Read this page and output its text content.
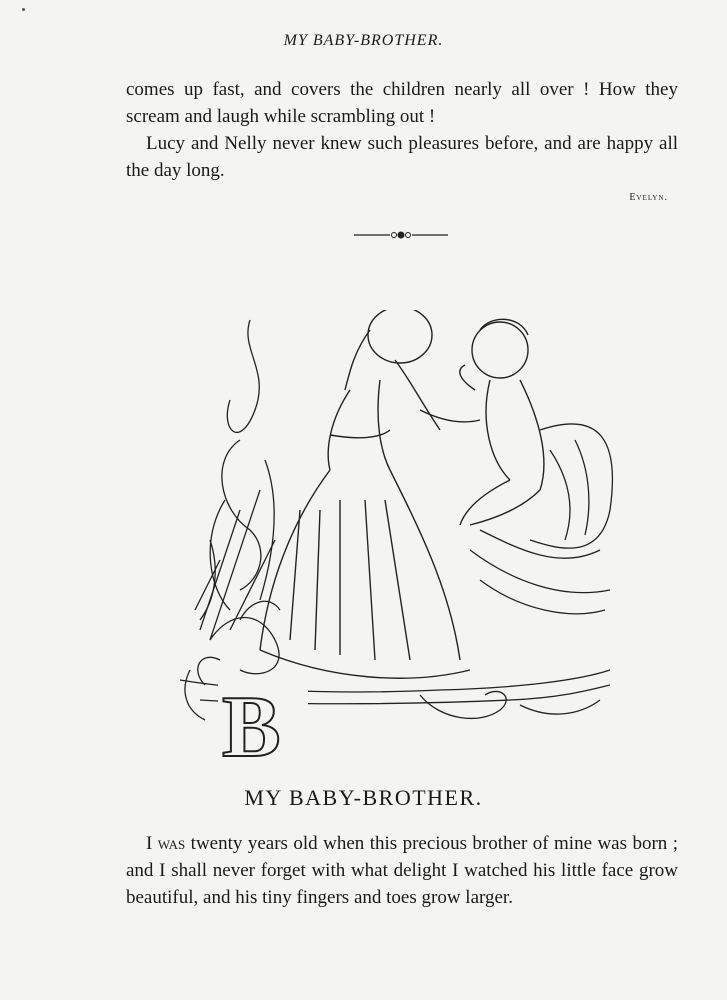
MY BABY-BROTHER.

comes up fast, and covers the children nearly all over ! How they scream and laugh while scrambling out !

Lucy and Nelly never knew such pleasures before, and are happy all the day long.

Evelyn.
B
MY BABY-BROTHER.

I was twenty years old when this precious brother of mine was born ; and I shall never forget with what delight I watched his little face grow beautiful, and his tiny fingers and toes grow larger.
